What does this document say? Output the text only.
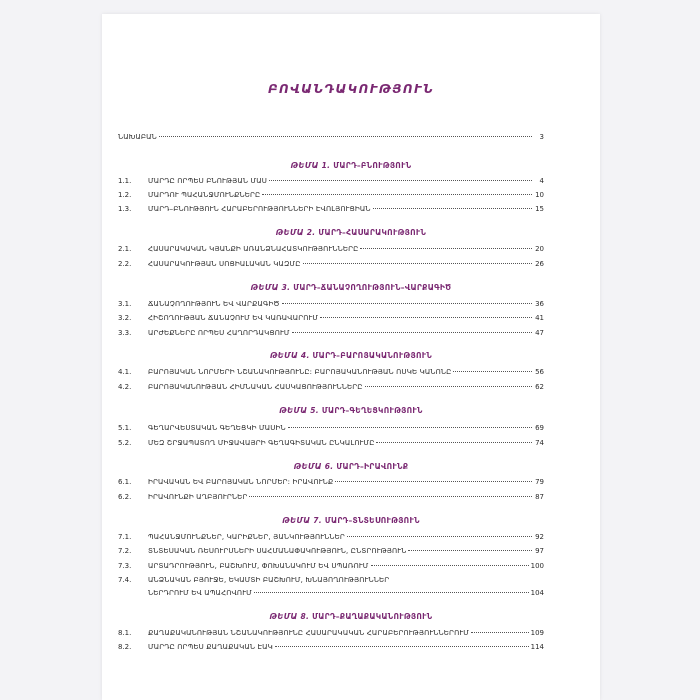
ԲՈՎԱՆԴԱԿՈՒԹՅՈՒՆ
ՆԱԽԱԲԱՆ	3
ԹԵՄԱ 1. ՄԱՐԴ–ԲՆՈՒԹՅՈՒՆ
1.1.	ՄԱՐԴԸ ՈՐՊԵՍ ԲՆՈՒԹՅԱՆ ՄԱՍ	4
1.2.	ՄԱՐԴՈՒ ՊԱՀԱՆՋՄՈՒՆՔՆԵՐԸ	10
1.3.	ՄԱՐԴ–ԲՆՈՒԹՅՈՒՆ ՀԱՐԱԲԵՐՈՒԹՅՈՒՆՆԵՐԻ ԷՎՈԼՅՈՒՑԻԱՆ	15
ԹԵՄԱ 2. ՄԱՐԴ–ՀԱՍԱՐԱԿՈՒԹՅՈՒՆ
2.1.	ՀԱՍԱՐԱԿԱԿԱՆ ԿՅԱՆՔԻ ԱՌԱՆՁՆԱՀԱՏԿՈՒԹՅՈՒՆՆԵՐԸ	20
2.2.	ՀԱՍԱՐԱԿՈՒԹՅԱՆ ՍՈՑԻԱԼԱԿԱՆ ԿԱԶՄԸ	26
ԹԵՄԱ 3. ՄԱՐԴ–ՃԱՆԱՉՈՂՈՒԹՅՈՒՆ–ՎԱՐՔԱԳԻԾ
3.1.	ՃԱՆԱՉՈՂՈՒԹՅՈՒՆ ԵՎ ՎԱՐՔԱԳԻԾ	36
3.2.	ՀԻՇՈՂՈՒԹՅԱՆ ՃԱՆԱՉՈՒՄ ԵՎ ԿԱՌԱՎԱՐՈՒՄ	41
3.3.	ԱՐԺԵՔՆԵՐԸ ՈՐՊԵՍ ՀԱՂՈՐԴԱԿՑՈՒՄ	47
ԹԵՄԱ 4. ՄԱՐԴ–ԲԱՐՈՅԱԿԱՆՈՒԹՅՈՒՆ
4.1.	ԲԱՐՈՅԱԿԱՆ ՆՈՐՄԵՐԻ ՆՇԱՆԱԿՈՒԹՅՈՒՆԸ: ԲԱՐՈՅԱԿԱՆՈՒԹՅԱՆ ՈՍԿԵ ԿԱՆՈՆԸ	56
4.2.	ԲԱՐՈՅԱԿԱՆՈՒԹՅԱՆ ՀԻՄՆԱԿԱՆ ՀԱՍԿԱՑՈՒԹՅՈՒՆՆԵՐԸ	62
ԹԵՄԱ 5. ՄԱՐԴ–ԳԵՂԵՑԿՈՒԹՅՈՒՆ
5.1.	ԳԵՂԱՐՎԵՍՏԱԿԱՆ ԳԵՂԵՑԿԻ ՄԱՍԻՆ	69
5.2.	ՄԵԶ ՇՐՋԱՊԱՏՈՂ ՄԻՋԱՎԱՅՐԻ ԳԵՂԱԳԻՏԱԿԱՆ ԸՆԿԱԼՈՒՄԸ	74
ԹԵՄԱ 6. ՄԱՐԴ–ԻՐԱՎՈՒՆՔ
6.1.	ԻՐԱՎԱԿԱՆ ԵՎ ԲԱՐՈՅԱԿԱՆ ՆՈՐՄԵՐ: ԻՐԱՎՈՒՆՔ	79
6.2.	ԻՐԱՎՈՒՆՔԻ ԱՂԲՅՈՒՐՆԵՐ	87
ԹԵՄԱ 7. ՄԱՐԴ–ՏՆՏԵՍՈՒԹՅՈՒՆ
7.1.	ՊԱՀԱՆՋՄՈՒՆՔՆԵՐ, ԿԱՐԻՔՆԵՐ, ՅԱՆԿՈՒԹՅՈՒՆՆԵՐ	92
7.2.	ՏՆՏԵՍԱԿԱՆ ՌԵՍՈՒՐՍՆԵՐԻ ՍԱՀՄԱՆԱՓԱԿՈՒԹՅՈՒՆ, ԸՆՏՐՈՒԹՅՈՒՆ	97
7.3.	ԱՐՏԱԴՐՈՒԹՅՈՒՆ, ԲԱՇԽՈՒՄ, ՓՈԽԱՆԱԿՈՒՄ ԵՎ ՍՊԱՌՈՒՄ	100
7.4.	ԱՆՁՆԱԿԱՆ ԲՅՈՒՋԵ, ԵԿԱՄՏԻ ԲԱՇԽՈՒՄ, ԽՆԱՅՈՂՈՒԹՅՈՒՆՆԵՐ
ՆԵՐԴՐՈՒՄ ԵՎ ԱՊԱՀՈՎՈՒՄ	104
ԹԵՄԱ 8. ՄԱՐԴ–ՔԱՂԱՔԱԿԱՆՈՒԹՅՈՒՆ
8.1.	ՔԱՂԱՔԱԿԱՆՈՒԹՅԱՆ ՆՇԱՆԱԿՈՒԹՅՈՒՆԸ ՀԱՍԱՐԱԿԱԿԱՆ ՀԱՐԱԲԵՐՈՒԹՅՈՒՆՆԵՐՈՒՄ	109
8.2.	ՄԱՐԴԸ ՈՐՊԵՍ ՔԱՂԱՔԱԿԱՆ ԷԱԿ	114
